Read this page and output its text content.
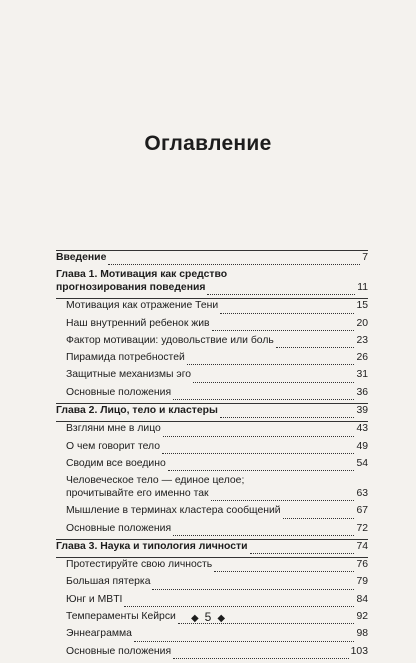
Оглавление
Введение	7
Глава 1. Мотивация как средство
прогнозирования поведения	11
Мотивация как отражение Тени	15
Наш внутренний ребенок жив	20
Фактор мотивации: удовольствие или боль	23
Пирамида потребностей	26
Защитные механизмы эго	31
Основные положения	36
Глава 2. Лицо, тело и кластеры	39
Взгляни мне в лицо	43
О чем говорит тело	49
Сводим все воедино	54
Человеческое тело — единое целое;
прочитывайте его именно так	63
Мышление в терминах кластера сообщений	67
Основные положения	72
Глава 3. Наука и типология личности	74
Протестируйте свою личность	76
Большая пятерка	79
Юнг и MBTI	84
Темпераменты Кейрси	92
Эннеаграмма	98
Основные положения	103
◆ 5 ◆
